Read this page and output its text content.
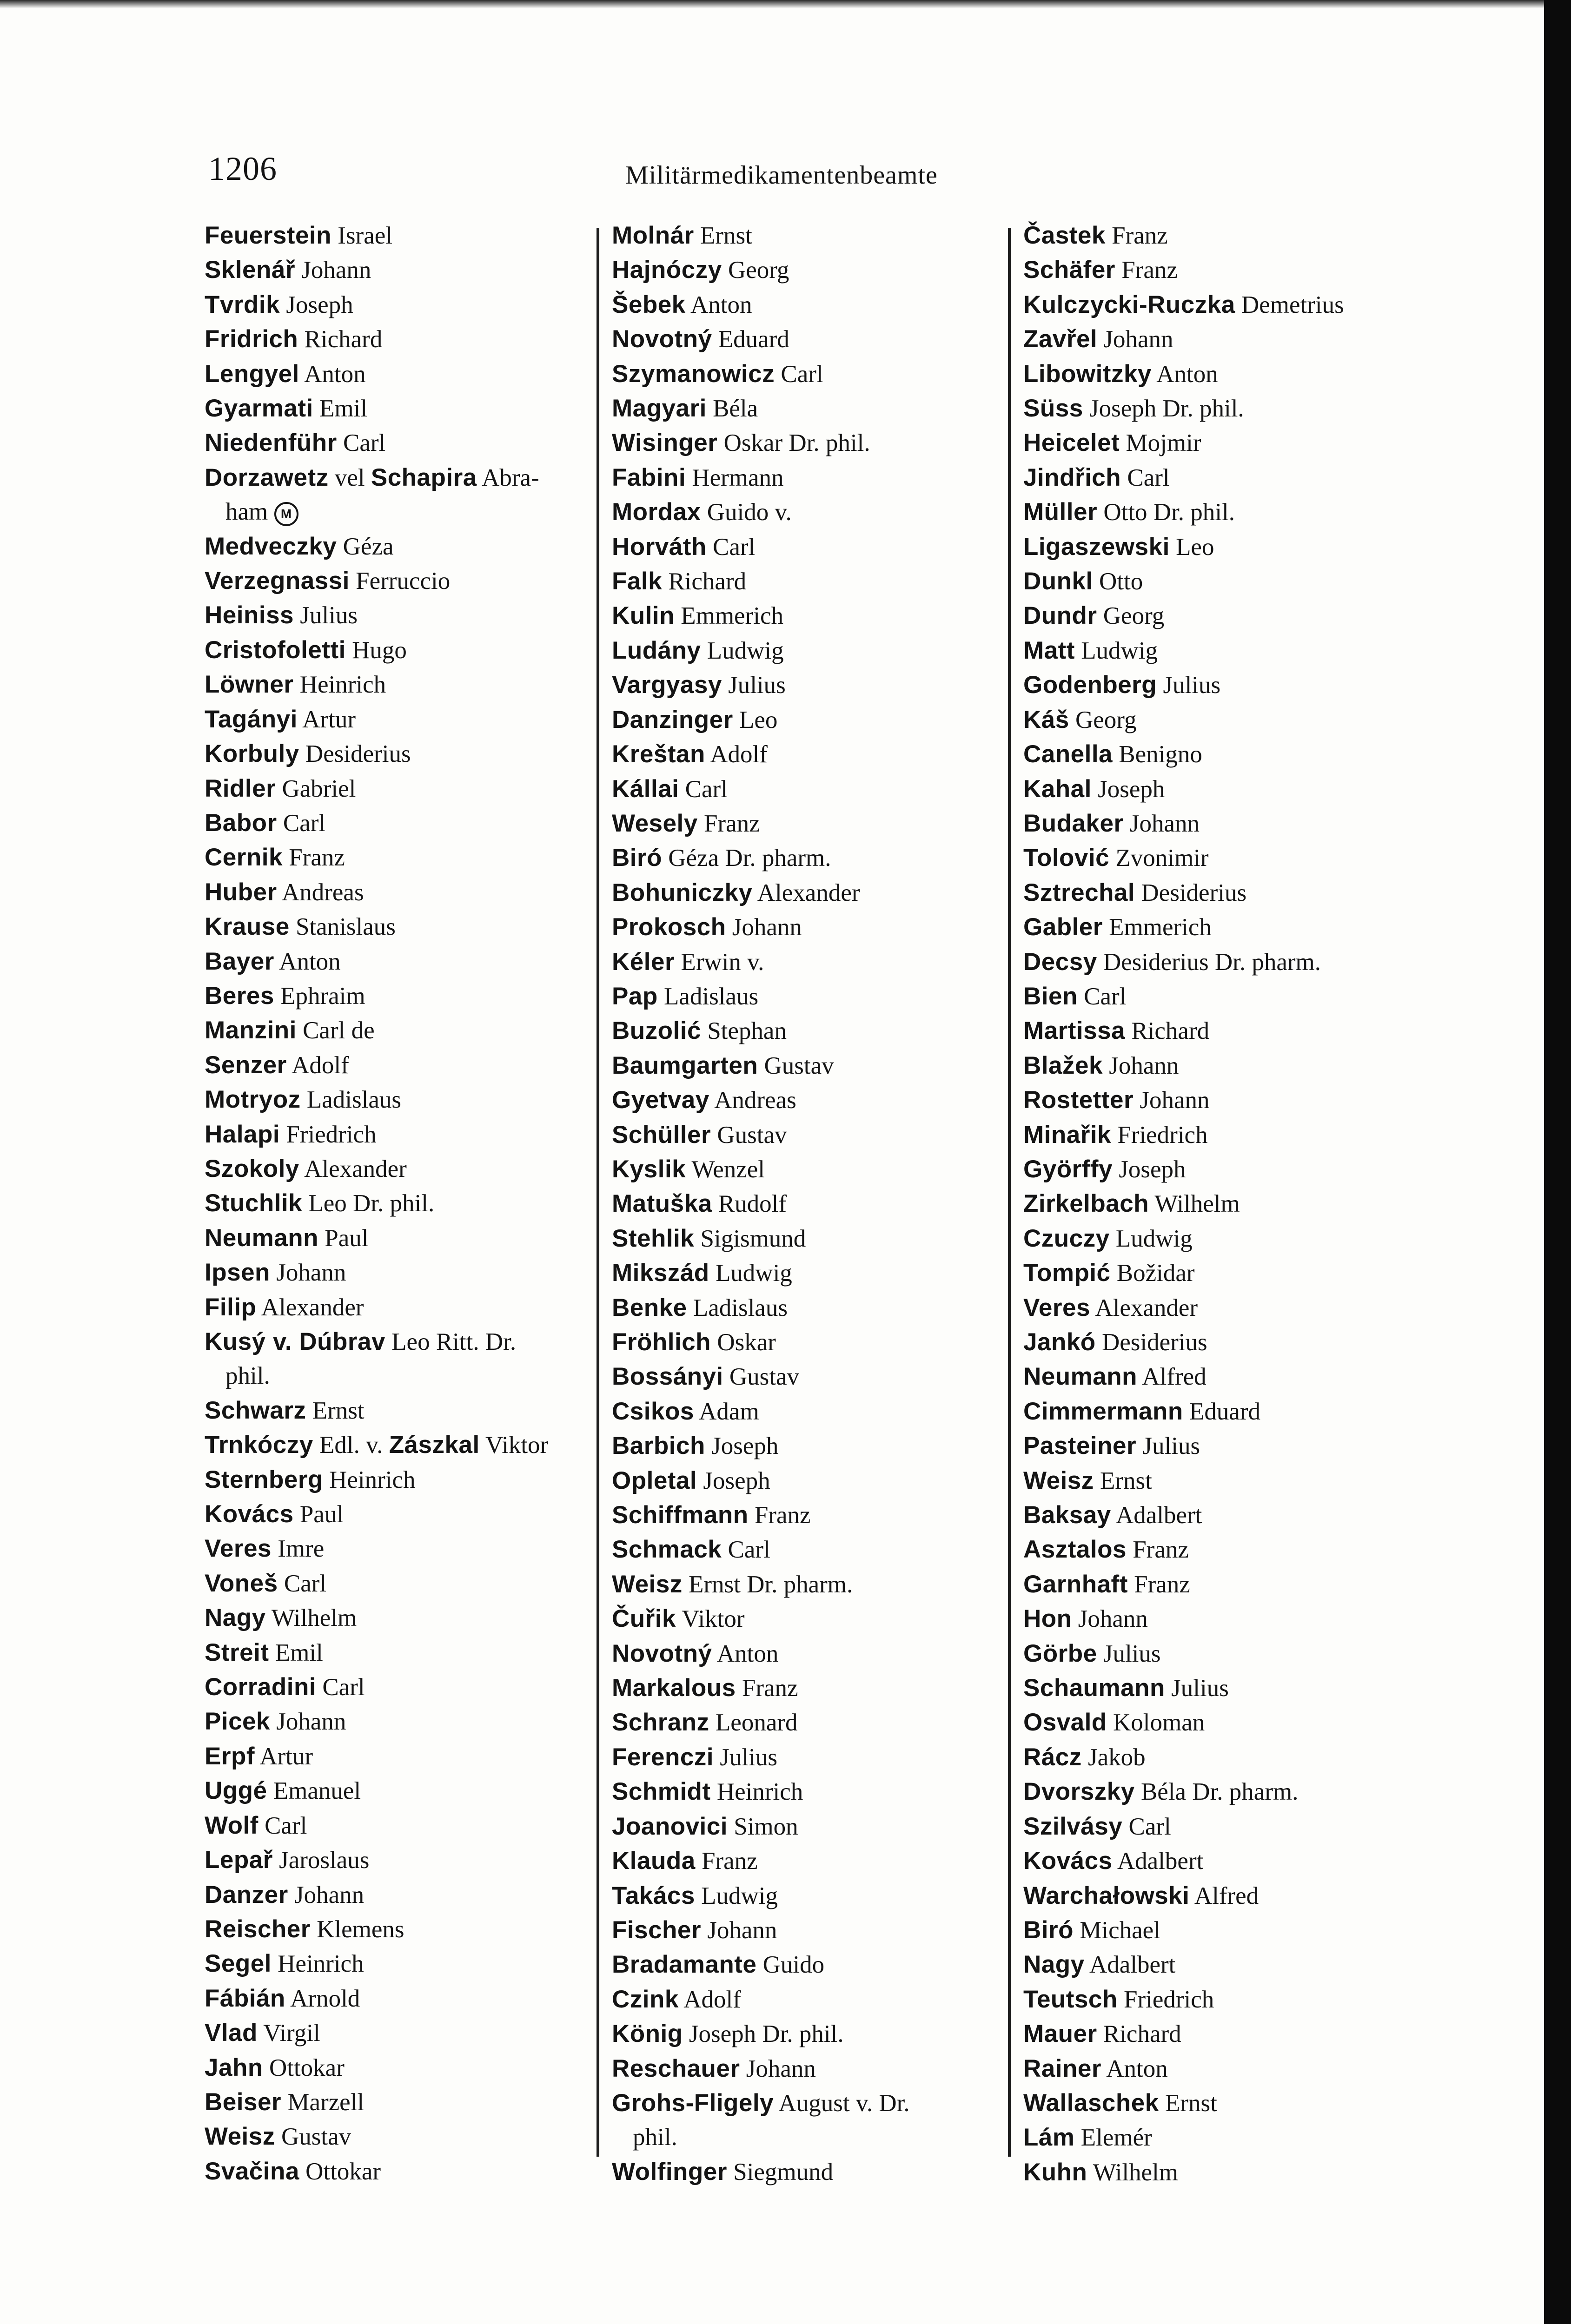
1206	Militärmedikamentenbeamte
Feuerstein Israel
Sklenář Johann
Tvrdik Joseph
Fridrich Richard
Lengyel Anton
Gyarmati Emil
Niedenführ Carl
Dorzawetz vel Schapira Abra-
ham M
Medveczky Géza
Verzegnassi Ferruccio
Heiniss Julius
Cristofoletti Hugo
Löwner Heinrich
Tagányi Artur
Korbuly Desiderius
Ridler Gabriel
Babor Carl
Cernik Franz
Huber Andreas
Krause Stanislaus
Bayer Anton
Beres Ephraim
Manzini Carl de
Senzer Adolf
Motryoz Ladislaus
Halapi Friedrich
Szokoly Alexander
Stuchlik Leo Dr. phil.
Neumann Paul
Ipsen Johann
Filip Alexander
Kusý v. Dúbrav Leo Ritt. Dr.
phil.
Schwarz Ernst
Trnkóczy Edl. v. Zászkal Viktor
Sternberg Heinrich
Kovács Paul
Veres Imre
Voneš Carl
Nagy Wilhelm
Streit Emil
Corradini Carl
Picek Johann
Erpf Artur
Uggé Emanuel
Wolf Carl
Lepař Jaroslaus
Danzer Johann
Reischer Klemens
Segel Heinrich
Fábián Arnold
Vlad Virgil
Jahn Ottokar
Beiser Marzell
Weisz Gustav
Svačina Ottokar
Molnár Ernst
Hajnóczy Georg
Šebek Anton
Novotný Eduard
Szymanowicz Carl
Magyari Béla
Wisinger Oskar Dr. phil.
Fabini Hermann
Mordax Guido v.
Horváth Carl
Falk Richard
Kulin Emmerich
Ludány Ludwig
Vargyasy Julius
Danzinger Leo
Kreštan Adolf
Kállai Carl
Wesely Franz
Biró Géza Dr. pharm.
Bohuniczky Alexander
Prokosch Johann
Kéler Erwin v.
Pap Ladislaus
Buzolić Stephan
Baumgarten Gustav
Gyetvay Andreas
Schüller Gustav
Kyslik Wenzel
Matuška Rudolf
Stehlik Sigismund
Mikszád Ludwig
Benke Ladislaus
Fröhlich Oskar
Bossányi Gustav
Csikos Adam
Barbich Joseph
Opletal Joseph
Schiffmann Franz
Schmack Carl
Weisz Ernst Dr. pharm.
Čuřik Viktor
Novotný Anton
Markalous Franz
Schranz Leonard
Ferenczi Julius
Schmidt Heinrich
Joanovici Simon
Klauda Franz
Takács Ludwig
Fischer Johann
Bradamante Guido
Czink Adolf
König Joseph Dr. phil.
Reschauer Johann
Grohs-Fligely August v. Dr.
phil.
Wolfinger Siegmund
Častek Franz
Schäfer Franz
Kulczycki-Ruczka Demetrius
Zavřel Johann
Libowitzky Anton
Süss Joseph Dr. phil.
Heicelet Mojmir
Jindřich Carl
Müller Otto Dr. phil.
Ligaszewski Leo
Dunkl Otto
Dundr Georg
Matt Ludwig
Godenberg Julius
Káš Georg
Canella Benigno
Kahal Joseph
Budaker Johann
Tolović Zvonimir
Sztrechal Desiderius
Gabler Emmerich
Decsy Desiderius Dr. pharm.
Bien Carl
Martissa Richard
Blažek Johann
Rostetter Johann
Minařik Friedrich
Györffy Joseph
Zirkelbach Wilhelm
Czuczy Ludwig
Tompić Božidar
Veres Alexander
Jankó Desiderius
Neumann Alfred
Cimmermann Eduard
Pasteiner Julius
Weisz Ernst
Baksay Adalbert
Asztalos Franz
Garnhaft Franz
Hon Johann
Görbe Julius
Schaumann Julius
Osvald Koloman
Rácz Jakob
Dvorszky Béla Dr. pharm.
Szilvásy Carl
Kovács Adalbert
Warchałowski Alfred
Biró Michael
Nagy Adalbert
Teutsch Friedrich
Mauer Richard
Rainer Anton
Wallaschek Ernst
Lám Elemér
Kuhn Wilhelm
